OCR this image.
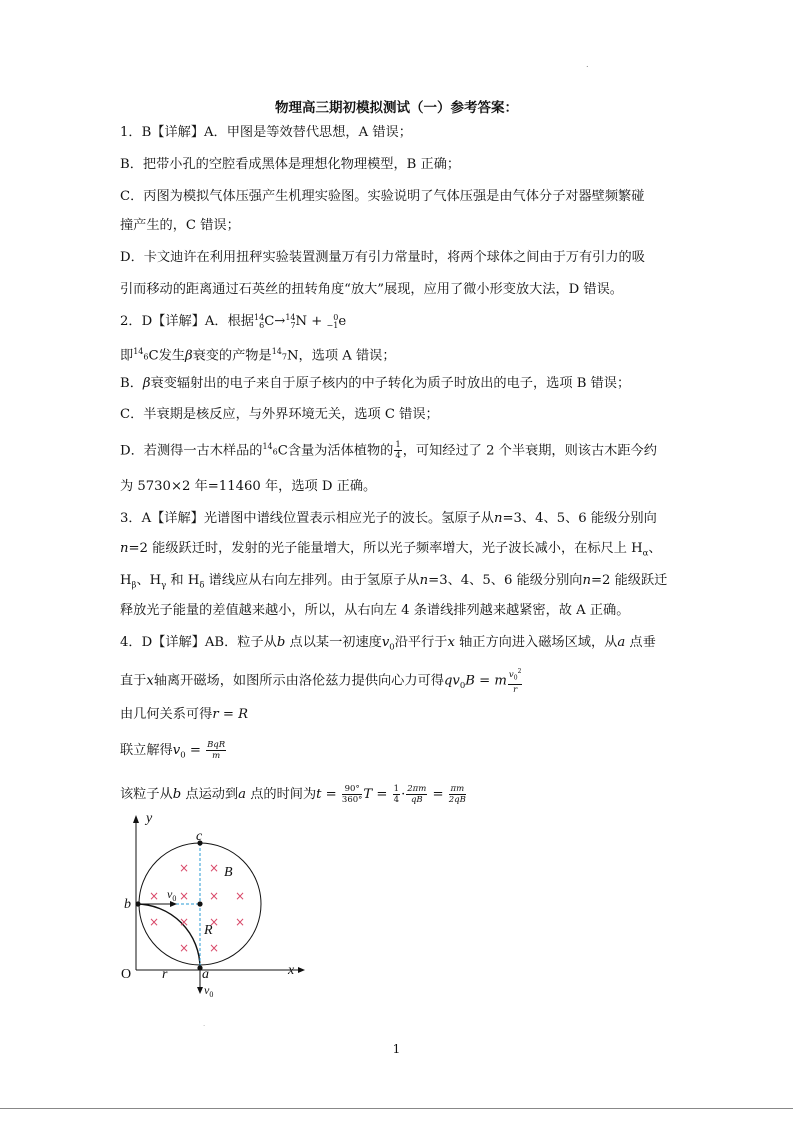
.
物理高三期初模拟测试（一）参考答案：
1．B【详解】A．甲图是等效替代思想，A 错误；
B．把带小孔的空腔看成黑体是理想化物理模型，B 正确；
C．丙图为模拟气体压强产生机理实验图。实验说明了气体压强是由气体分子对器壁频繁碰
撞产生的，C 错误；
D．卡文迪许在利用扭秤实验装置测量万有引力常量时，将两个球体之间由于万有引力的吸
引而移动的距离通过石英丝的扭转角度“放大”展现，应用了微小形变放大法，D 错误。
2．D【详解】A．根据 14
6 C→ 14
7 N + 0
−1 e
即$^{14}$6C发生β衰变的产物是$^{14}$7N，选项 A 错误；
B．β衰变辐射出的电子来自于原子核内的中子转化为质子时放出的电子，选项 B 错误；
C．半衰期是核反应，与外界环境无关，选项 C 错误；
D．若测得一古木样品的$^{14}$6C含量为活体植物的 $\frac{1}{4}$ ，可知经过了 2 个半衰期，则该古木距今约
为 5730×2 年=11460 年，选项 D 正确。
3．A【详解】光谱图中谱线位置表示相应光子的波长。氢原子从n=3、4、5、6 能级分别向
n=2 能级跃迁时，发射的光子能量增大，所以光子频率增大，光子波长减小，在标尺上 $H_\alpha$、
$H_\beta$、$H_\gamma$ 和 $H_\delta$ 谱线应从右向左排列。由于氢原子从n=3、4、5、6 能级分别向n=2 能级跃迁
释放光子能量的差值越来越小，所以，从右向左 4 条谱线排列越来越紧密，故 A 正确。
4．D【详解】AB．粒子从b 点以某一初速度$v_0$沿平行于x 轴正方向进入磁场区域，从a 点垂
直于x轴离开磁场，如图所示由洛伦兹力提供向心力可得$qv_0B = m \frac{v_0^2}{r}$
由几何关系可得r = R
联立解得$v_0 = \frac{\text{BqR}}{m}$
该粒子从b 点运动到a 点的时间为$t = \frac{90^\circ}{360^\circ}$ $T = \frac{1}{4} \cdot \frac{2\pi m}{qB} = \frac{\pi m}{2qB}$
× ×
× × × ×
× × × ×
× ×
y
x
O r a
b
c
B
R
$v_0$
$v_0$
.
1
